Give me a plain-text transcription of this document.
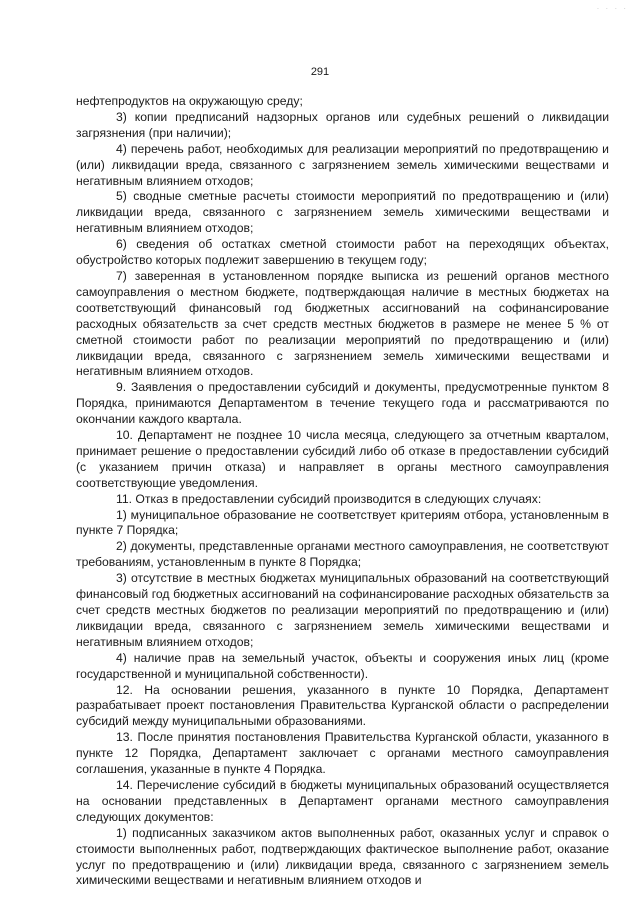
· · · ·
291

нефтепродуктов на окружающую среду;

3) копии предписаний надзорных органов или судебных решений о ликвидации загрязнения (при наличии);

4) перечень работ, необходимых для реализации мероприятий по предотвращению и (или) ликвидации вреда, связанного с загрязнением земель химическими веществами и негативным влиянием отходов;

5) сводные сметные расчеты стоимости мероприятий по предотвращению и (или) ликвидации вреда, связанного с загрязнением земель химическими веществами и негативным влиянием отходов;

6) сведения об остатках сметной стоимости работ на переходящих объектах, обустройство которых подлежит завершению в текущем году;

7) заверенная в установленном порядке выписка из решений органов местного самоуправления о местном бюджете, подтверждающая наличие в местных бюджетах на соответствующий финансовый год бюджетных ассигнований на софинансирование расходных обязательств за счет средств местных бюджетов в размере не менее 5 % от сметной стоимости работ по реализации мероприятий по предотвращению и (или) ликвидации вреда, связанного с загрязнением земель химическими веществами и негативным влиянием отходов.

9. Заявления о предоставлении субсидий и документы, предусмотренные пунктом 8 Порядка, принимаются Департаментом в течение текущего года и рассматриваются по окончании каждого квартала.

10. Департамент не позднее 10 числа месяца, следующего за отчетным кварталом, принимает решение о предоставлении субсидий либо об отказе в предоставлении субсидий (с указанием причин отказа) и направляет в органы местного самоуправления соответствующие уведомления.

11. Отказ в предоставлении субсидий производится в следующих случаях:

1) муниципальное образование не соответствует критериям отбора, установленным в пункте 7 Порядка;

2) документы, представленные органами местного самоуправления, не соответствуют требованиям, установленным в пункте 8 Порядка;

3) отсутствие в местных бюджетах муниципальных образований на соответствующий финансовый год бюджетных ассигнований на софинансирование расходных обязательств за счет средств местных бюджетов по реализации мероприятий по предотвращению и (или) ликвидации вреда, связанного с загрязнением земель химическими веществами и негативным влиянием отходов;

4) наличие прав на земельный участок, объекты и сооружения иных лиц (кроме государственной и муниципальной собственности).

12. На основании решения, указанного в пункте 10 Порядка, Департамент разрабатывает проект постановления Правительства Курганской области о распределении субсидий между муниципальными образованиями.

13. После принятия постановления Правительства Курганской области, указанного в пункте 12 Порядка, Департамент заключает с органами местного самоуправления соглашения, указанные в пункте 4 Порядка.

14. Перечисление субсидий в бюджеты муниципальных образований осуществляется на основании представленных в Департамент органами местного самоуправления следующих документов:

1) подписанных заказчиком актов выполненных работ, оказанных услуг и справок о стоимости выполненных работ, подтверждающих фактическое выполнение работ, оказание услуг по предотвращению и (или) ликвидации вреда, связанного с загрязнением земель химическими веществами и негативным влиянием отходов и
